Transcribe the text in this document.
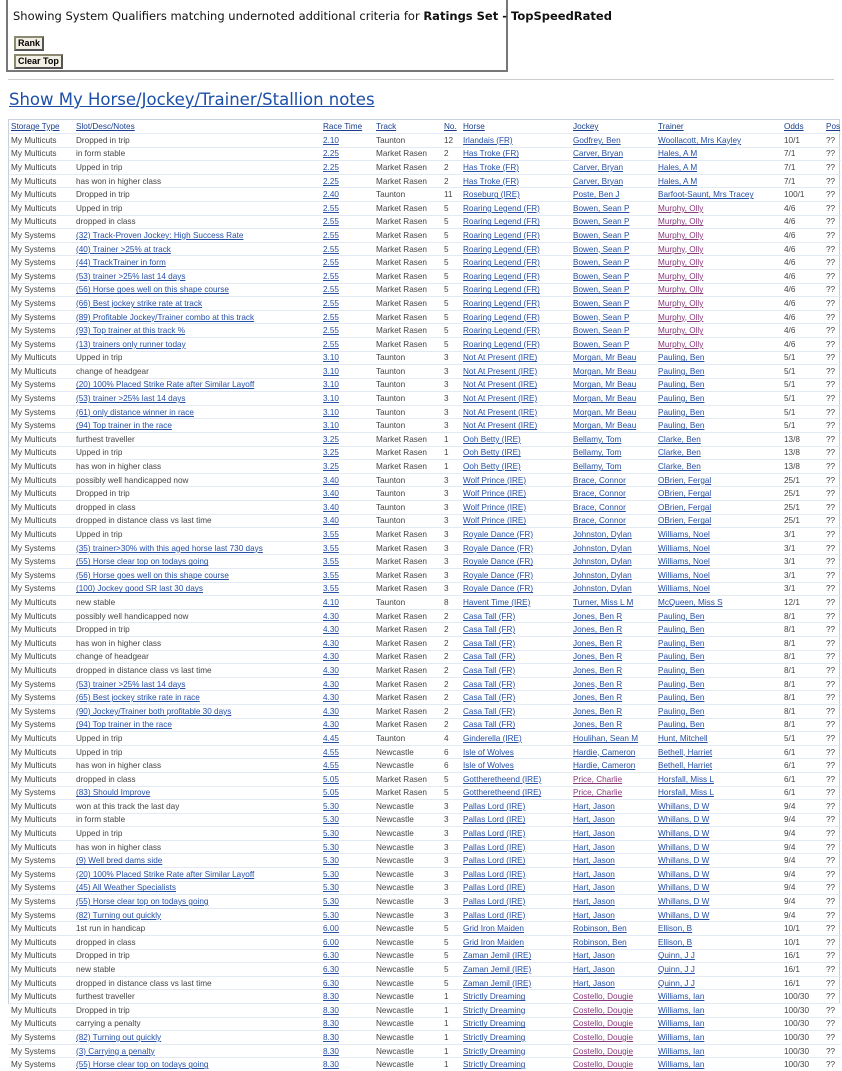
Showing System Qualifiers matching undernoted additional criteria for Ratings Set - TopSpeedRated
Rank
Clear Top
Show My Horse/Jockey/Trainer/Stallion notes
Storage Type	Slot/Desc/Notes	Race Time	Track	No.	Horse	Jockey	Trainer	Odds	Pos
My Multicuts	Dropped in trip	2.10	Taunton	12	Irlandais (FR)	Godfrey, Ben	Woollacott, Mrs Kayley	10/1	??
My Multicuts	in form stable	2.25	Market Rasen	2	Has Troke (FR)	Carver, Bryan	Hales, A M	7/1	??
My Multicuts	Upped in trip	2.25	Market Rasen	2	Has Troke (FR)	Carver, Bryan	Hales, A M	7/1	??
My Multicuts	has won in higher class	2.25	Market Rasen	2	Has Troke (FR)	Carver, Bryan	Hales, A M	7/1	??
My Multicuts	Dropped in trip	2.40	Taunton	11	Roseburg (IRE)	Poste, Ben J	Barfoot-Saunt, Mrs Tracey	100/1	??
My Multicuts	Upped in trip	2.55	Market Rasen	5	Roaring Legend (FR)	Bowen, Sean P	Murphy, Olly	4/6	??
My Multicuts	dropped in class	2.55	Market Rasen	5	Roaring Legend (FR)	Bowen, Sean P	Murphy, Olly	4/6	??
My Systems	(32) Track-Proven Jockey: High Success Rate	2.55	Market Rasen	5	Roaring Legend (FR)	Bowen, Sean P	Murphy, Olly	4/6	??
My Systems	(40) Trainer >25% at track	2.55	Market Rasen	5	Roaring Legend (FR)	Bowen, Sean P	Murphy, Olly	4/6	??
My Systems	(44) TrackTrainer in form	2.55	Market Rasen	5	Roaring Legend (FR)	Bowen, Sean P	Murphy, Olly	4/6	??
My Systems	(53) trainer >25% last 14 days	2.55	Market Rasen	5	Roaring Legend (FR)	Bowen, Sean P	Murphy, Olly	4/6	??
My Systems	(56) Horse goes well on this shape course	2.55	Market Rasen	5	Roaring Legend (FR)	Bowen, Sean P	Murphy, Olly	4/6	??
My Systems	(66) Best jockey strike rate at track	2.55	Market Rasen	5	Roaring Legend (FR)	Bowen, Sean P	Murphy, Olly	4/6	??
My Systems	(89) Profitable Jockey/Trainer combo at this track	2.55	Market Rasen	5	Roaring Legend (FR)	Bowen, Sean P	Murphy, Olly	4/6	??
My Systems	(93) Top trainer at this track %	2.55	Market Rasen	5	Roaring Legend (FR)	Bowen, Sean P	Murphy, Olly	4/6	??
My Systems	(13) trainers only runner today	2.55	Market Rasen	5	Roaring Legend (FR)	Bowen, Sean P	Murphy, Olly	4/6	??
My Multicuts	Upped in trip	3.10	Taunton	3	Not At Present (IRE)	Morgan, Mr Beau	Pauling, Ben	5/1	??
My Multicuts	change of headgear	3.10	Taunton	3	Not At Present (IRE)	Morgan, Mr Beau	Pauling, Ben	5/1	??
My Systems	(20) 100% Placed Strike Rate after Similar Layoff	3.10	Taunton	3	Not At Present (IRE)	Morgan, Mr Beau	Pauling, Ben	5/1	??
My Systems	(53) trainer >25% last 14 days	3.10	Taunton	3	Not At Present (IRE)	Morgan, Mr Beau	Pauling, Ben	5/1	??
My Systems	(61) only distance winner in race	3.10	Taunton	3	Not At Present (IRE)	Morgan, Mr Beau	Pauling, Ben	5/1	??
My Systems	(94) Top trainer in the race	3.10	Taunton	3	Not At Present (IRE)	Morgan, Mr Beau	Pauling, Ben	5/1	??
My Multicuts	furthest traveller	3.25	Market Rasen	1	Ooh Betty (IRE)	Bellamy, Tom	Clarke, Ben	13/8	??
My Multicuts	Upped in trip	3.25	Market Rasen	1	Ooh Betty (IRE)	Bellamy, Tom	Clarke, Ben	13/8	??
My Multicuts	has won in higher class	3.25	Market Rasen	1	Ooh Betty (IRE)	Bellamy, Tom	Clarke, Ben	13/8	??
My Multicuts	possibly well handicapped now	3.40	Taunton	3	Wolf Prince (IRE)	Brace, Connor	OBrien, Fergal	25/1	??
My Multicuts	Dropped in trip	3.40	Taunton	3	Wolf Prince (IRE)	Brace, Connor	OBrien, Fergal	25/1	??
My Multicuts	dropped in class	3.40	Taunton	3	Wolf Prince (IRE)	Brace, Connor	OBrien, Fergal	25/1	??
My Multicuts	dropped in distance class vs last time	3.40	Taunton	3	Wolf Prince (IRE)	Brace, Connor	OBrien, Fergal	25/1	??
My Multicuts	Upped in trip	3.55	Market Rasen	3	Royale Dance (FR)	Johnston, Dylan	Williams, Noel	3/1	??
My Systems	(35) trainer>30% with this aged horse last 730 days	3.55	Market Rasen	3	Royale Dance (FR)	Johnston, Dylan	Williams, Noel	3/1	??
My Systems	(55) Horse clear top on todays going	3.55	Market Rasen	3	Royale Dance (FR)	Johnston, Dylan	Williams, Noel	3/1	??
My Systems	(56) Horse goes well on this shape course	3.55	Market Rasen	3	Royale Dance (FR)	Johnston, Dylan	Williams, Noel	3/1	??
My Systems	(100) Jockey good SR last 30 days	3.55	Market Rasen	3	Royale Dance (FR)	Johnston, Dylan	Williams, Noel	3/1	??
My Multicuts	new stable	4.10	Taunton	8	Havent Time (IRE)	Turner, Miss L M	McQueen, Miss S	12/1	??
My Multicuts	possibly well handicapped now	4.30	Market Rasen	2	Casa Tall (FR)	Jones, Ben R	Pauling, Ben	8/1	??
My Multicuts	Dropped in trip	4.30	Market Rasen	2	Casa Tall (FR)	Jones, Ben R	Pauling, Ben	8/1	??
My Multicuts	has won in higher class	4.30	Market Rasen	2	Casa Tall (FR)	Jones, Ben R	Pauling, Ben	8/1	??
My Multicuts	change of headgear	4.30	Market Rasen	2	Casa Tall (FR)	Jones, Ben R	Pauling, Ben	8/1	??
My Multicuts	dropped in distance class vs last time	4.30	Market Rasen	2	Casa Tall (FR)	Jones, Ben R	Pauling, Ben	8/1	??
My Systems	(53) trainer >25% last 14 days	4.30	Market Rasen	2	Casa Tall (FR)	Jones, Ben R	Pauling, Ben	8/1	??
My Systems	(65) Best jockey strike rate in race	4.30	Market Rasen	2	Casa Tall (FR)	Jones, Ben R	Pauling, Ben	8/1	??
My Systems	(90) Jockey/Trainer both profitable 30 days	4.30	Market Rasen	2	Casa Tall (FR)	Jones, Ben R	Pauling, Ben	8/1	??
My Systems	(94) Top trainer in the race	4.30	Market Rasen	2	Casa Tall (FR)	Jones, Ben R	Pauling, Ben	8/1	??
My Multicuts	Upped in trip	4.45	Taunton	4	Ginderella (IRE)	Houlihan, Sean M	Hunt, Mitchell	5/1	??
My Multicuts	Upped in trip	4.55	Newcastle	6	Isle of Wolves	Hardie, Cameron	Bethell, Harriet	6/1	??
My Multicuts	has won in higher class	4.55	Newcastle	6	Isle of Wolves	Hardie, Cameron	Bethell, Harriet	6/1	??
My Multicuts	dropped in class	5.05	Market Rasen	5	Gottheretheend (IRE)	Price, Charlie	Horsfall, Miss L	6/1	??
My Systems	(83) Should Improve	5.05	Market Rasen	5	Gottheretheend (IRE)	Price, Charlie	Horsfall, Miss L	6/1	??
My Multicuts	won at this track the last day	5.30	Newcastle	3	Pallas Lord (IRE)	Hart, Jason	Whillans, D W	9/4	??
My Multicuts	in form stable	5.30	Newcastle	3	Pallas Lord (IRE)	Hart, Jason	Whillans, D W	9/4	??
My Multicuts	Upped in trip	5.30	Newcastle	3	Pallas Lord (IRE)	Hart, Jason	Whillans, D W	9/4	??
My Multicuts	has won in higher class	5.30	Newcastle	3	Pallas Lord (IRE)	Hart, Jason	Whillans, D W	9/4	??
My Systems	(9) Well bred dams side	5.30	Newcastle	3	Pallas Lord (IRE)	Hart, Jason	Whillans, D W	9/4	??
My Systems	(20) 100% Placed Strike Rate after Similar Layoff	5.30	Newcastle	3	Pallas Lord (IRE)	Hart, Jason	Whillans, D W	9/4	??
My Systems	(45) All Weather Specialists	5.30	Newcastle	3	Pallas Lord (IRE)	Hart, Jason	Whillans, D W	9/4	??
My Systems	(55) Horse clear top on todays going	5.30	Newcastle	3	Pallas Lord (IRE)	Hart, Jason	Whillans, D W	9/4	??
My Systems	(82) Turning out quickly	5.30	Newcastle	3	Pallas Lord (IRE)	Hart, Jason	Whillans, D W	9/4	??
My Multicuts	1st run in handicap	6.00	Newcastle	5	Grid Iron Maiden	Robinson, Ben	Ellison, B	10/1	??
My Multicuts	dropped in class	6.00	Newcastle	5	Grid Iron Maiden	Robinson, Ben	Ellison, B	10/1	??
My Multicuts	Dropped in trip	6.30	Newcastle	5	Zaman Jemil (IRE)	Hart, Jason	Quinn, J J	16/1	??
My Multicuts	new stable	6.30	Newcastle	5	Zaman Jemil (IRE)	Hart, Jason	Quinn, J J	16/1	??
My Multicuts	dropped in distance class vs last time	6.30	Newcastle	5	Zaman Jemil (IRE)	Hart, Jason	Quinn, J J	16/1	??
My Multicuts	furthest traveller	8.30	Newcastle	1	Strictly Dreaming	Costello, Dougie	Williams, Ian	100/30	??
My Multicuts	Dropped in trip	8.30	Newcastle	1	Strictly Dreaming	Costello, Dougie	Williams, Ian	100/30	??
My Multicuts	carrying a penalty	8.30	Newcastle	1	Strictly Dreaming	Costello, Dougie	Williams, Ian	100/30	??
My Systems	(82) Turning out quickly	8.30	Newcastle	1	Strictly Dreaming	Costello, Dougie	Williams, Ian	100/30	??
My Systems	(3) Carrying a penalty	8.30	Newcastle	1	Strictly Dreaming	Costello, Dougie	Williams, Ian	100/30	??
My Systems	(55) Horse clear top on todays going	8.30	Newcastle	1	Strictly Dreaming	Costello, Dougie	Williams, Ian	100/30	??
